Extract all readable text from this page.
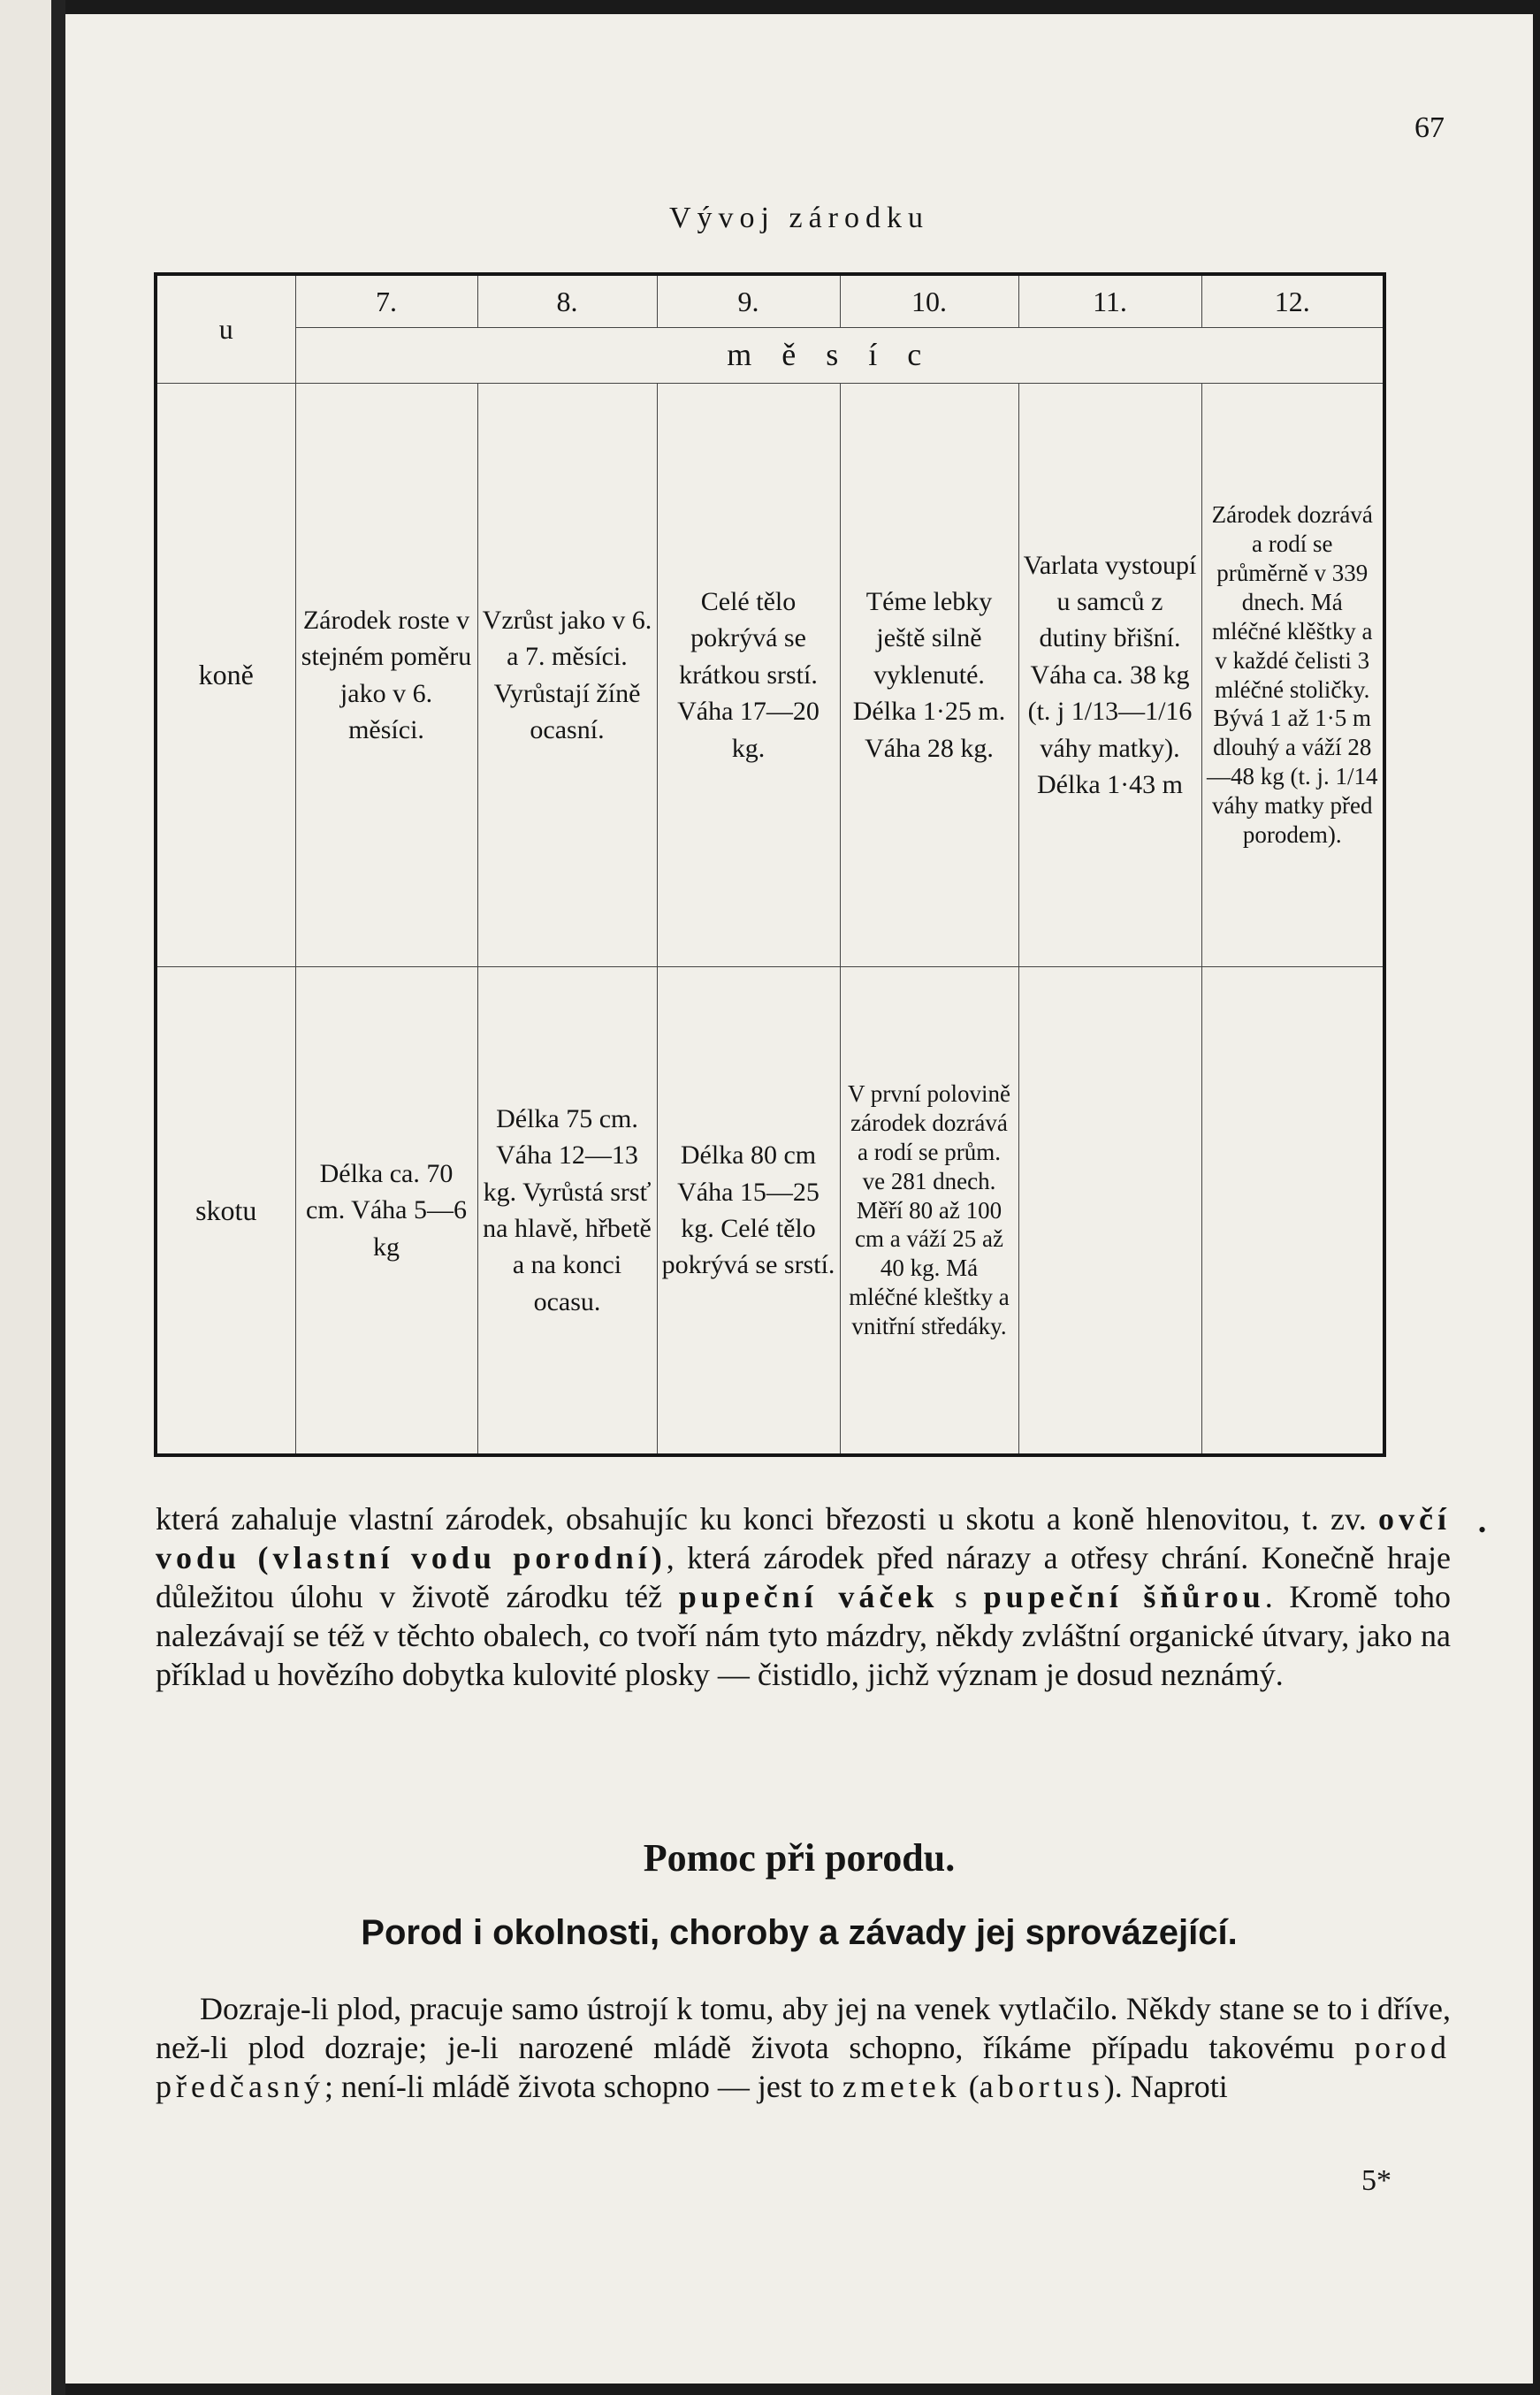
67
Vývoj zárodku
u	7.	8.	9.	10.	11.	12.
	měsíc					
koně	Zárodek roste v stejném poměru jako v 6. měsíci.	Vzrůst jako v 6. a 7. měsíci. Vyrůstají žíně ocasní.	Celé tělo pokrývá se krátkou srstí. Váha 17—20 kg.	Téme lebky ještě silně vyklenuté. Délka 1·25 m. Váha 28 kg.	Varlata vystoupí u samců z dutiny břišní. Váha ca. 38 kg (t. j 1/13—1/16 váhy matky). Délka 1·43 m	Zárodek dozrává a rodí se průměrně v 339 dnech. Má mléčné klěštky a v každé čelisti 3 mléčné stoličky. Bývá 1 až 1·5 m dlouhý a váží 28—48 kg (t. j. 1/14 váhy matky před porodem).
skotu	Délka ca. 70 cm. Váha 5—6 kg	Délka 75 cm. Váha 12—13 kg. Vyrůstá srsť na hlavě, hřbetě a na konci ocasu.	Délka 80 cm Váha 15—25 kg. Celé tělo pokrývá se srstí.	V první polovině zárodek dozrává a rodí se prům. ve 281 dnech. Měří 80 až 100 cm a váží 25 až 40 kg. Má mléčné kleštky a vnitřní středáky.		
•

která zahaluje vlastní zárodek, obsahujíc ku konci březosti u skotu a koně hlenovitou, t. zv. ovčí vodu (vlastní vodu porodní), která zárodek před nárazy a otřesy chrání. Konečně hraje důležitou úlohu v životě zárodku též pupeční váček s pupeční šňůrou. Kromě toho nalezávají se též v těchto obalech, co tvoří nám tyto mázdry, někdy zvláštní organické útvary, jako na příklad u hovězího dobytka kulovité plosky — čistidlo, jichž význam je dosud neznámý.

Pomoc při porodu.
Porod i okolnosti, choroby a závady jej sprovázející.

Dozraje-li plod, pracuje samo ústrojí k tomu, aby jej na venek vytlačilo. Někdy stane se to i dříve, než-li plod dozraje; je-li narozené mládě života schopno, říkáme případu takovému porod předčasný; není-li mládě života schopno — jest to zmetek (abortus). Naproti

5*
